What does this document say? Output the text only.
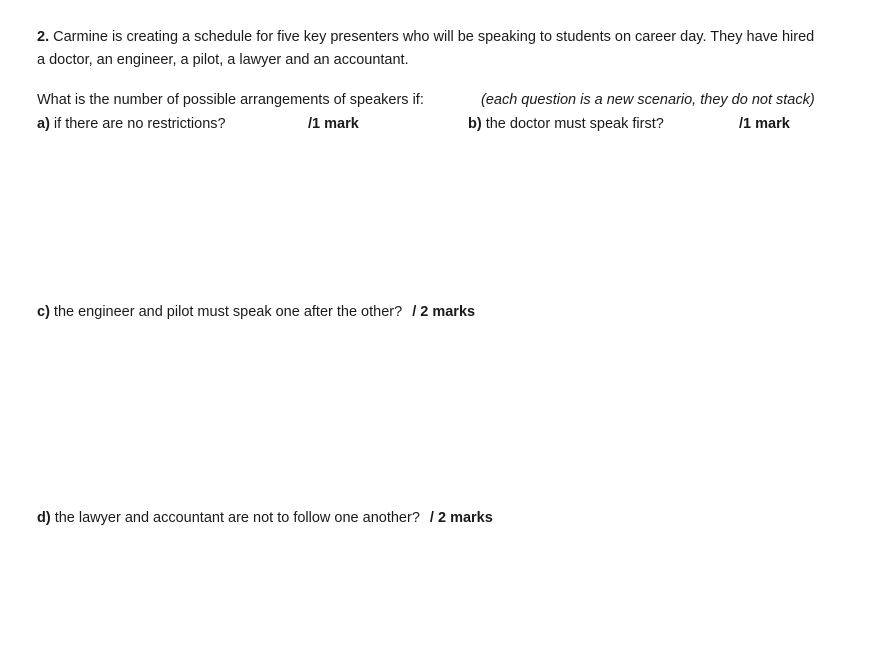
2. Carmine is creating a schedule for five key presenters who will be speaking to students on career day. They have hired
a doctor, an engineer, a pilot, a lawyer and an accountant.
What is the number of possible arrangements of speakers if:	(each question is a new scenario, they do not stack)
a) if there are no restrictions?	/1 mark	b) the doctor must speak first?	/1 mark
c) the engineer and pilot must speak one after the other? / 2 marks
d) the lawyer and accountant are not to follow one another? / 2 marks
